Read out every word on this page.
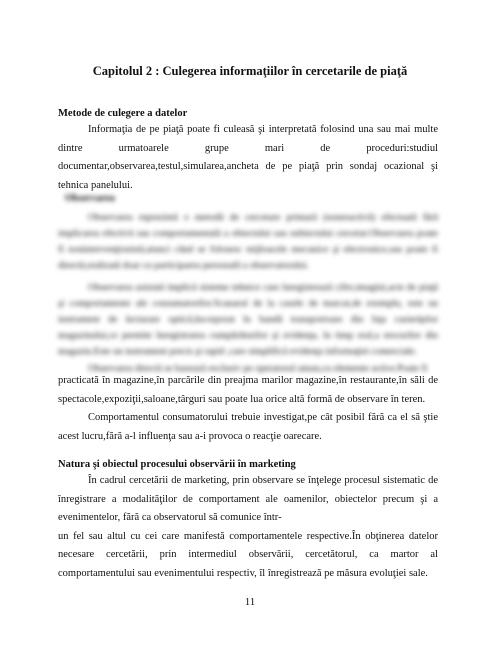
Capitolul 2 : Culegerea informaţiilor în cercetarile de piaţă
Metode de culegere a datelor

Informaţia de pe piaţă poate fi culeasă şi interpretată folosind una sau mai multe dintre urmatoarele grupe mari de proceduri:studiul documentar,observarea,testul,simularea,ancheta de pe piaţă prin sondaj ocazional şi tehnica panelului.

Observarea

Observarea reprezintă o metodă de cercetare primară (nonreactivă) efectuată fără implicarea efectivă sau comportamentală a obiectului sau subiectului cercetat.Observarea poate fi nonintervenţionistă,atunci când se folosesc mijloacele mecanice şi electronice,sau poate fi directă,realizată doar cu participarea personală a observatorului.

Observarea asistată implică sisteme tehnice care înregistrează cifre,imagini,acte de piaţă şi comportamente ale consumatorilor.Scanarul de la casele de marcat,de exemplu, este un instrument de lecturare optică,încorporat în bandă transportoare din faţa casieriţelor magazinului,ce permite înregistrarea cumpărăturilor şi evidenţa, în timp real,a stocurilor din magazin.Este un instrument precis şi rapid ,care simplifică evidenţa informaţiei comerciale.

Observarea directă se bazează exclusiv pe operatorul uman,cu elemente active.Poate fi

practicată în magazine,în parcările din preajma marilor magazine,în restaurante,în săli de spectacole,expoziţii,saloane,târguri sau poate lua orice altă formă de observare în teren.

Comportamentul consumatorului trebuie investigat,pe cât posibil fără ca el să ştie acest lucru,fără a-l influenţa sau a-i provoca o reacţie oarecare.

Natura şi obiectul procesului observării în marketing

În cadrul cercetării de marketing, prin observare se înţelege procesul sistematic de înregistrare a modalităţilor de comportament ale oamenilor, obiectelor precum şi a evenimentelor, fără ca observatorul să comunice într-

un fel sau altul cu cei care manifestă comportamentele respective.În obţinerea datelor necesare cercetării, prin intermediul observării, cercetătorul, ca martor al comportamentului sau evenimentului respectiv, îl înregistrează pe măsura evoluţiei sale.

11
